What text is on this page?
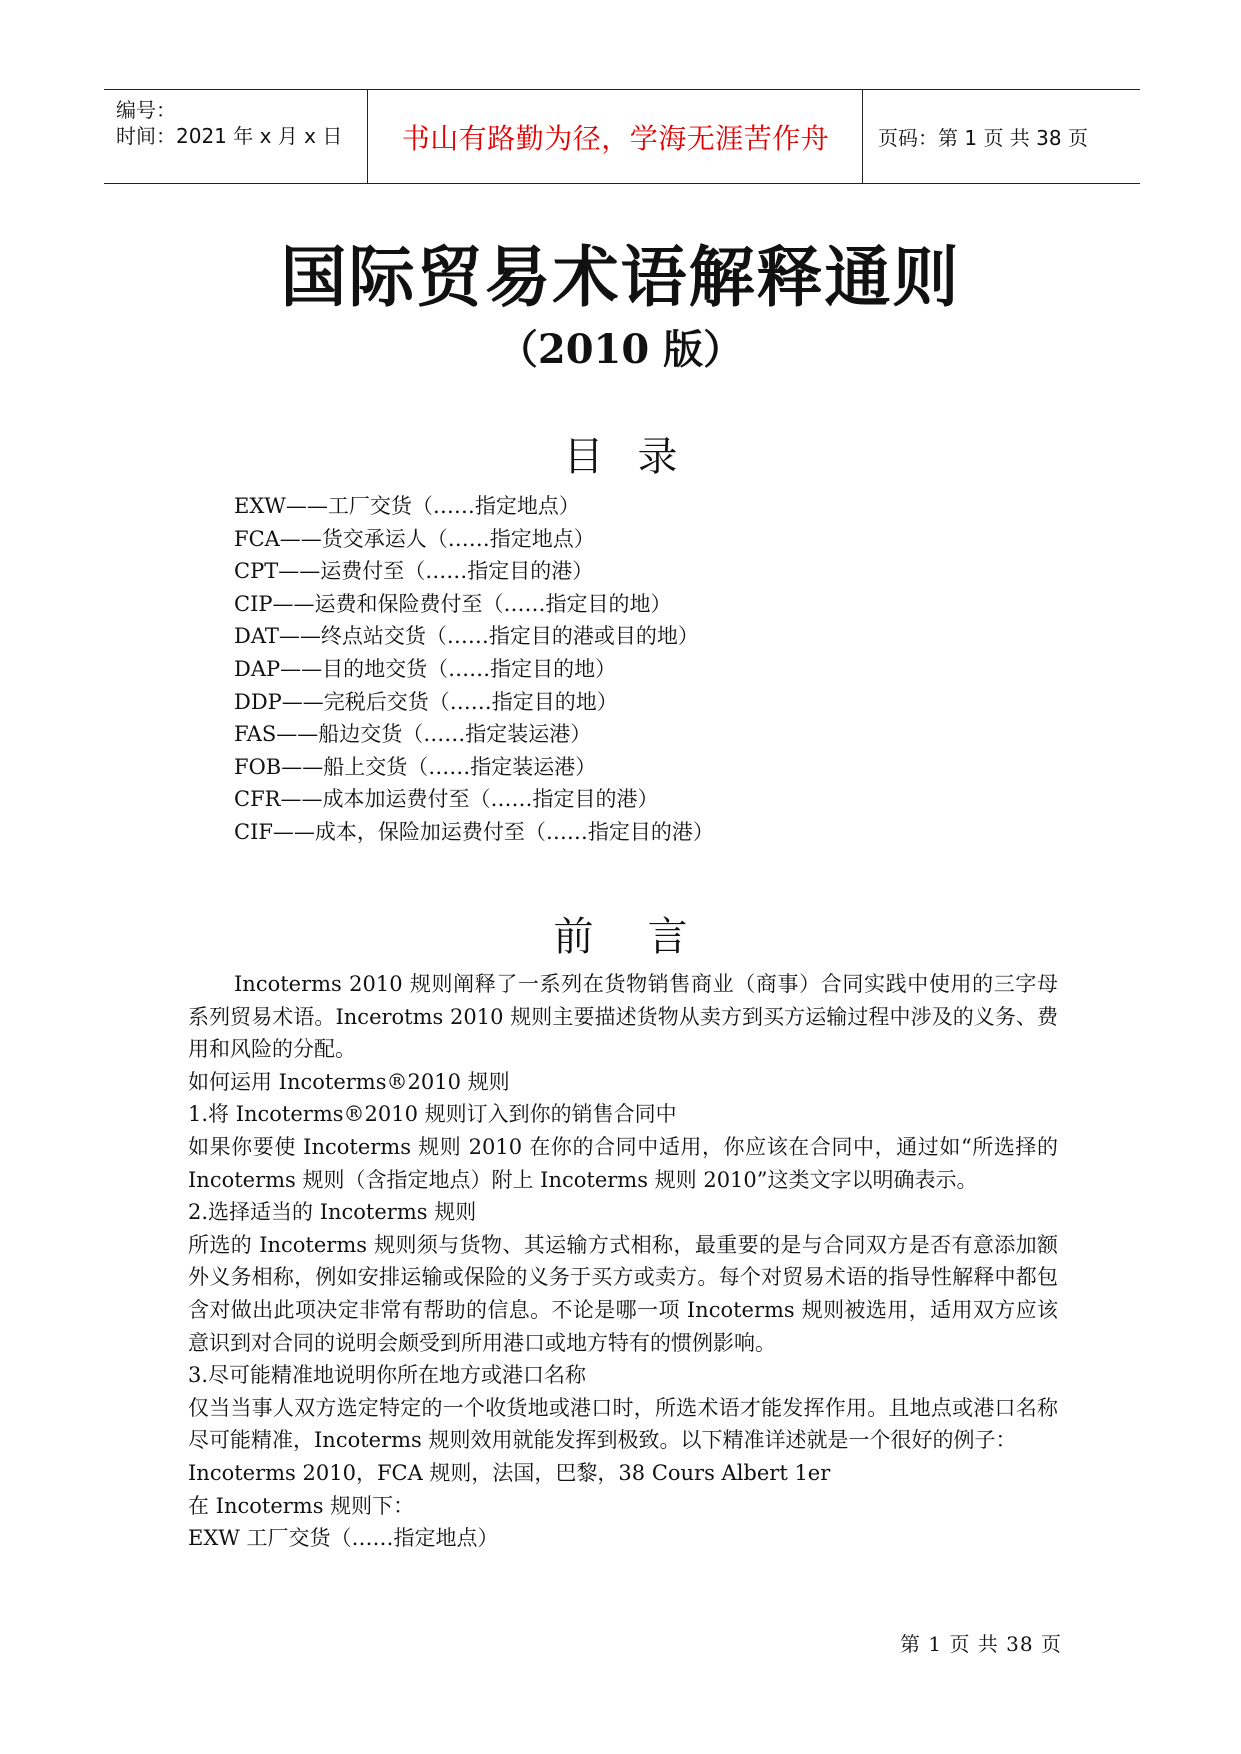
编号：
时间：2021 年 x 月 x 日 书山有路勤为径，学海无涯苦作舟 页码：第 1 页 共 38 页
国际贸易术语解释通则
（2010 版）
目录
EXW——工厂交货（……指定地点）
FCA——货交承运人（……指定地点）
CPT——运费付至（……指定目的港）
CIP——运费和保险费付至（……指定目的地）
DAT——终点站交货（……指定目的港或目的地）
DAP——目的地交货（……指定目的地）
DDP——完税后交货（……指定目的地）
FAS——船边交货（……指定装运港）
FOB——船上交货（……指定装运港）
CFR——成本加运费付至（……指定目的港）
CIF——成本，保险加运费付至（……指定目的港）
前言

Incoterms 2010 规则阐释了一系列在货物销售商业（商事）合同实践中使用的三字母系列贸易术语。Incerotms 2010 规则主要描述货物从卖方到买方运输过程中涉及的义务、费用和风险的分配。

如何运用 Incoterms®2010 规则

1.将 Incoterms®2010 规则订入到你的销售合同中

如果你要使 Incoterms 规则 2010 在你的合同中适用，你应该在合同中，通过如“所选择的 Incoterms 规则（含指定地点）附上 Incoterms 规则 2010”这类文字以明确表示。

2.选择适当的 Incoterms 规则

所选的 Incoterms 规则须与货物、其运输方式相称，最重要的是与合同双方是否有意添加额外义务相称，例如安排运输或保险的义务于买方或卖方。每个对贸易术语的指导性解释中都包含对做出此项决定非常有帮助的信息。不论是哪一项 Incoterms 规则被选用，适用双方应该意识到对合同的说明会颇受到所用港口或地方特有的惯例影响。

3.尽可能精准地说明你所在地方或港口名称

仅当当事人双方选定特定的一个收货地或港口时，所选术语才能发挥作用。且地点或港口名称尽可能精准，Incoterms 规则效用就能发挥到极致。以下精准详述就是一个很好的例子：

Incoterms 2010，FCA 规则，法国，巴黎，38 Cours Albert 1er

在 Incoterms 规则下：

EXW 工厂交货（……指定地点）

第 1 页 共 38 页
